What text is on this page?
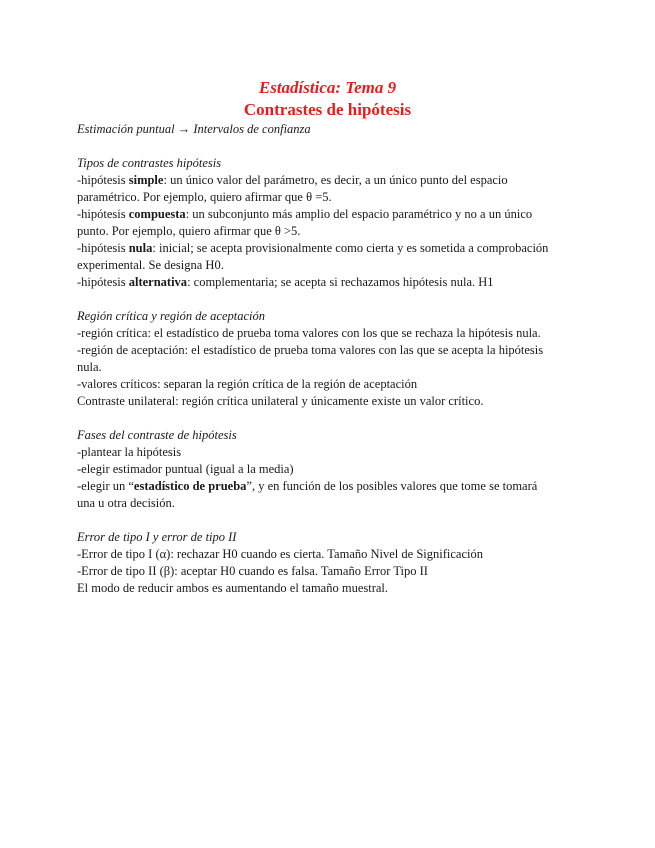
Estadística: Tema 9
Contrastes de hipótesis
Estimación puntual → Intervalos de confianza
Tipos de contrastes hipótesis
-hipótesis simple: un único valor del parámetro, es decir, a un único punto del espacio
paramétrico. Por ejemplo, quiero afirmar que θ =5.
-hipótesis compuesta: un subconjunto más amplio del espacio paramétrico y no a un único
punto. Por ejemplo, quiero afirmar que θ >5.
-hipótesis nula: inicial; se acepta provisionalmente como cierta y es sometida a comprobación
experimental. Se designa H0.
-hipótesis alternativa: complementaria; se acepta si rechazamos hipótesis nula. H1
Región crítica y región de aceptación
-región crítica: el estadístico de prueba toma valores con los que se rechaza la hipótesis nula.
-región de aceptación: el estadístico de prueba toma valores con las que se acepta la hipótesis
nula.
-valores críticos: separan la región crítica de la región de aceptación
Contraste unilateral: región crítica unilateral y únicamente existe un valor crítico.
Fases del contraste de hipótesis
-plantear la hipótesis
-elegir estimador puntual (igual a la media)
-elegir un “estadístico de prueba”, y en función de los posibles valores que tome se tomará
una u otra decisión.
Error de tipo I y error de tipo II
-Error de tipo I (α): rechazar H0 cuando es cierta. Tamaño Nivel de Significación
-Error de tipo II (β): aceptar H0 cuando es falsa. Tamaño Error Tipo II
El modo de reducir ambos es aumentando el tamaño muestral.
